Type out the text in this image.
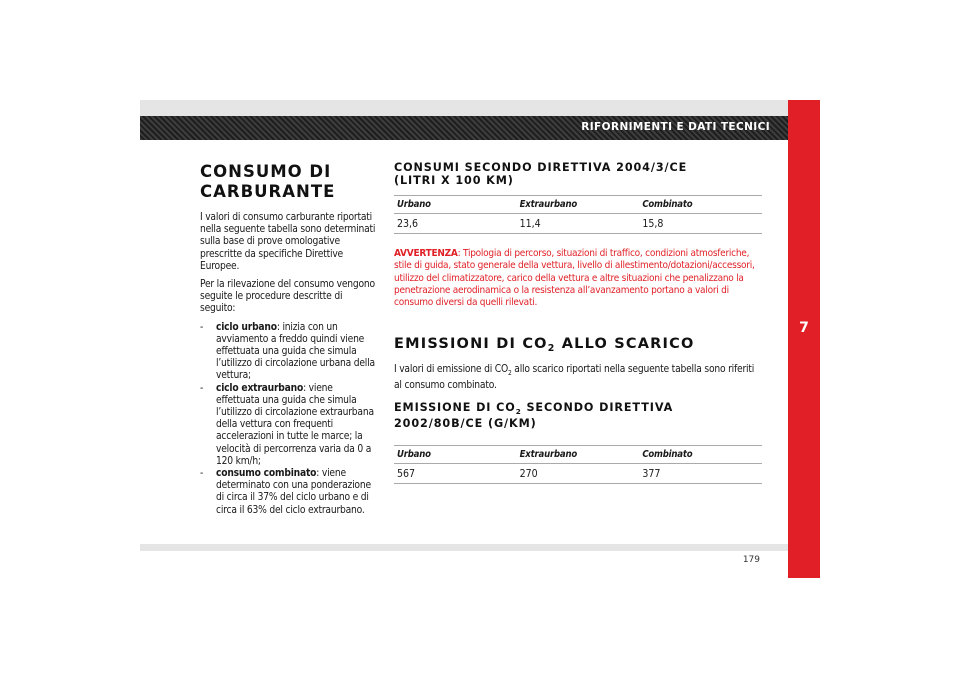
RIFORNIMENTI E DATI TECNICI
7
CONSUMO DI
CARBURANTE

I valori di consumo carburante riportati nella seguente tabella sono determinati sulla base di prove omologative prescritte da specifiche Direttive Europee.

Per la rilevazione del consumo vengono seguite le procedure descritte di seguito:

- ciclo urbano: inizia con un avviamento a freddo quindi viene effettuata una guida che simula l’utilizzo di circolazione urbana della vettura;
- ciclo extraurbano: viene effettuata una guida che simula l’utilizzo di circolazione extraurbana della vettura con frequenti accelerazioni in tutte le marce; la velocità di percorrenza varia da 0 a 120 km/h;
- consumo combinato: viene determinato con una ponderazione di circa il 37% del ciclo urbano e di circa il 63% del ciclo extraurbano.
CONSUMI SECONDO DIRETTIVA 2004/3/CE
(LITRI X 100 KM)
Urbano	Extraurbano	Combinato
23,6	11,4	15,8

AVVERTENZA: Tipologia di percorso, situazioni di traffico, condizioni atmosferiche, stile di guida, stato generale della vettura, livello di allestimento/dotazioni/accessori, utilizzo del climatizzatore, carico della vettura e altre situazioni che penalizzano la penetrazione aerodinamica o la resistenza all’avanzamento portano a valori di consumo diversi da quelli rilevati.

EMISSIONI DI $CO_2$ ALLO SCARICO

I valori di emissione di $CO_2$ allo scarico riportati nella seguente tabella sono riferiti al consumo combinato.

EMISSIONE DI $CO_2$ SECONDO DIRETTIVA
2002/80B/CE (G/KM)
Urbano	Extraurbano	Combinato
567	270	377
179
